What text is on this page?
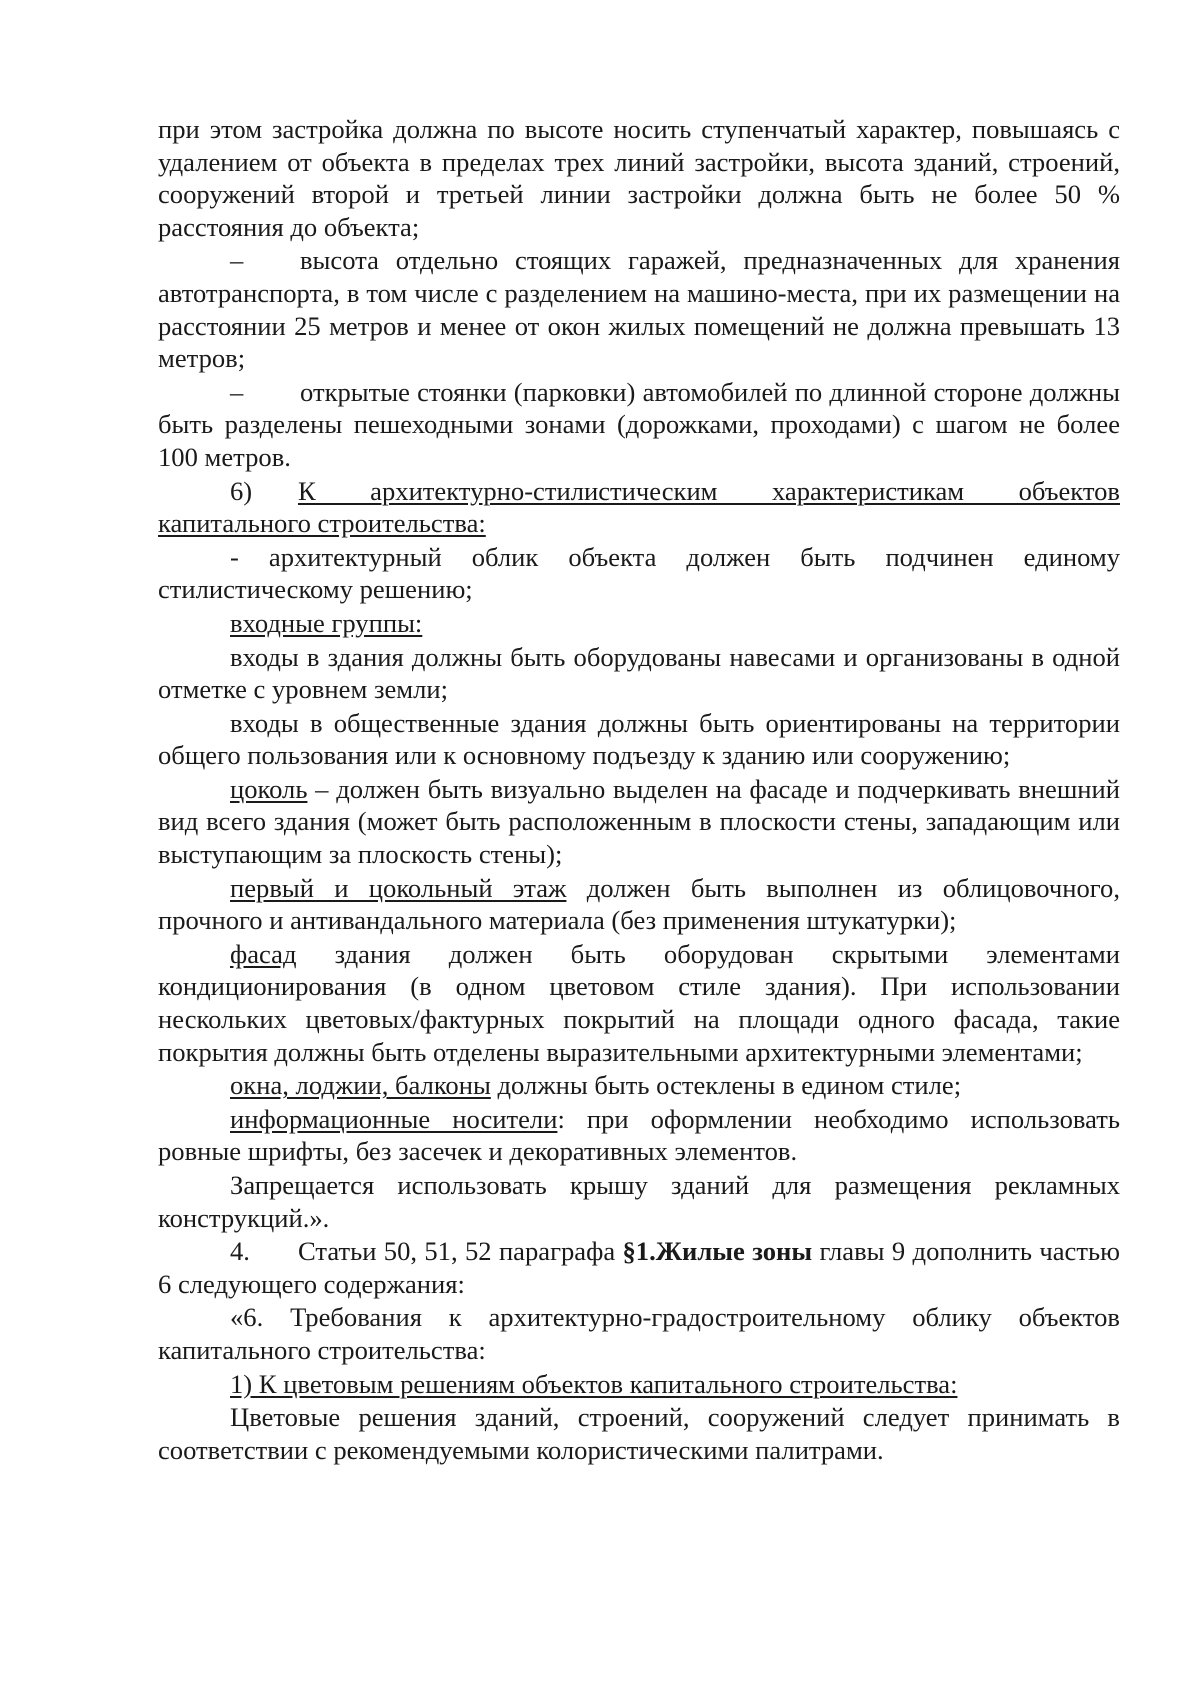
при этом застройка должна по высоте носить ступенчатый характер, повышаясь с удалением от объекта в пределах трех линий застройки, высота зданий, строений, сооружений второй и третьей линии застройки должна быть не более 50 % расстояния до объекта;

– высота отдельно стоящих гаражей, предназначенных для хранения автотранспорта, в том числе с разделением на машино-места, при их размещении на расстоянии 25 метров и менее от окон жилых помещений не должна превышать 13 метров;

– открытые стоянки (парковки) автомобилей по длинной стороне должны быть разделены пешеходными зонами (дорожками, проходами) с шагом не более 100 метров.

6) К архитектурно-стилистическим характеристикам объектов капитального строительства:

- архитектурный облик объекта должен быть подчинен единому стилистическому решению;

входные группы:

входы в здания должны быть оборудованы навесами и организованы в одной отметке с уровнем земли;

входы в общественные здания должны быть ориентированы на территории общего пользования или к основному подъезду к зданию или сооружению;

цоколь – должен быть визуально выделен на фасаде и подчеркивать внешний вид всего здания (может быть расположенным в плоскости стены, западающим или выступающим за плоскость стены);

первый и цокольный этаж должен быть выполнен из облицовочного, прочного и антивандального материала (без применения штукатурки);

фасад здания должен быть оборудован скрытыми элементами кондиционирования (в одном цветовом стиле здания). При использовании нескольких цветовых/фактурных покрытий на площади одного фасада, такие покрытия должны быть отделены выразительными архитектурными элементами;

окна, лоджии, балконы должны быть остеклены в едином стиле;

информационные носители: при оформлении необходимо использовать ровные шрифты, без засечек и декоративных элементов.

Запрещается использовать крышу зданий для размещения рекламных конструкций.».

4. Статьи 50, 51, 52 параграфа §1.Жилые зоны главы 9 дополнить частью 6 следующего содержания:

«6. Требования к архитектурно-градостроительному облику объектов капитального строительства:

1) К цветовым решениям объектов капитального строительства:

Цветовые решения зданий, строений, сооружений следует принимать в соответствии с рекомендуемыми колористическими палитрами.
